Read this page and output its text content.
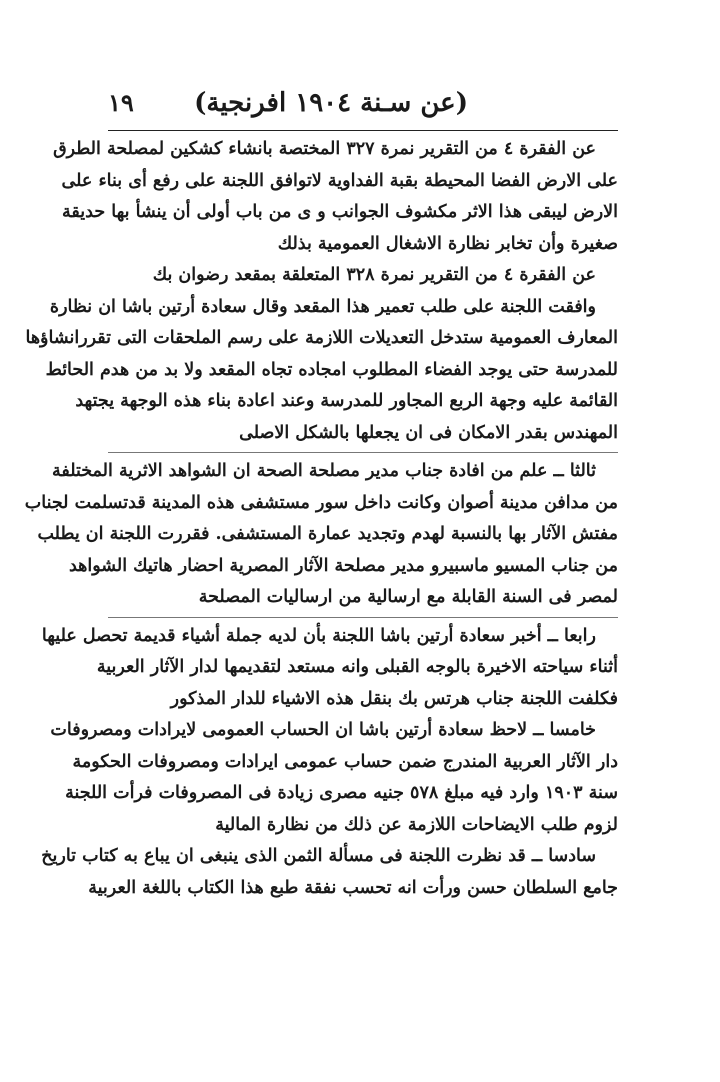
(عن سـنة ١٩٠٤ افرنجية)
١٩
عن الفقرة ٤ من التقرير نمرة ٣٢٧ المختصة بانشاء كشكين لمصلحة الطرق
على الارض الفضا المحيطة بقبة الفداوية لاتوافق اللجنة على رفع أى بناء على
الارض ليبقى هذا الاثر مكشوف الجوانب و ى من باب أولى أن ينشأ بها حديقة
صغيرة وأن تخابر نظارة الاشغال العمومية بذلك
عن الفقرة ٤ من التقرير نمرة ٣٢٨ المتعلقة بمقعد رضوان بك
وافقت اللجنة على طلب تعمير هذا المقعد وقال سعادة أرتين باشا ان نظارة
المعارف العمومية ستدخل التعديلات اللازمة على رسم الملحقات التى تقررانشاؤها
للمدرسة حتى يوجد الفضاء المطلوب امجاده تجاه المقعد ولا بد من هدم الحائط
القائمة عليه وجهة الربع المجاور للمدرسة وعند اعادة بناء هذه الوجهة يجتهد
المهندس بقدر الامكان فى ان يجعلها بالشكل الاصلى
ثالثا ــ علم من افادة جناب مدير مصلحة الصحة ان الشواهد الاثرية المختلفة
من مدافن مدينة أصوان وكانت داخل سور مستشفى هذه المدينة قدتسلمت لجناب
مفتش الآثار بها بالنسبة لهدم وتجديد عمارة المستشفى. فقررت اللجنة ان يطلب
من جناب المسيو ماسبيرو مدير مصلحة الآثار المصرية احضار هاتيك الشواهد
لمصر فى السنة القابلة مع ارسالية من ارساليات المصلحة
رابعا ــ أخبر سعادة أرتين باشا اللجنة بأن لديه جملة أشياء قديمة تحصل عليها
أثناء سياحته الاخيرة بالوجه القبلى وانه مستعد لتقديمها لدار الآثار العربية
فكلفت اللجنة جناب هرتس بك بنقل هذه الاشياء للدار المذكور
خامسا ــ لاحظ سعادة أرتين باشا ان الحساب العمومى لايرادات ومصروفات
دار الآثار العربية المندرج ضمن حساب عمومى ايرادات ومصروفات الحكومة
سنة ١٩٠٣ وارد فيه مبلغ ٥٧٨ جنيه مصرى زيادة فى المصروفات فرأت اللجنة
لزوم طلب الايضاحات اللازمة عن ذلك من نظارة المالية
سادسا ــ قد نظرت اللجنة فى مسألة الثمن الذى ينبغى ان يباع به كتاب تاريخ
جامع السلطان حسن ورأت انه تحسب نفقة طبع هذا الكتاب باللغة العربية
